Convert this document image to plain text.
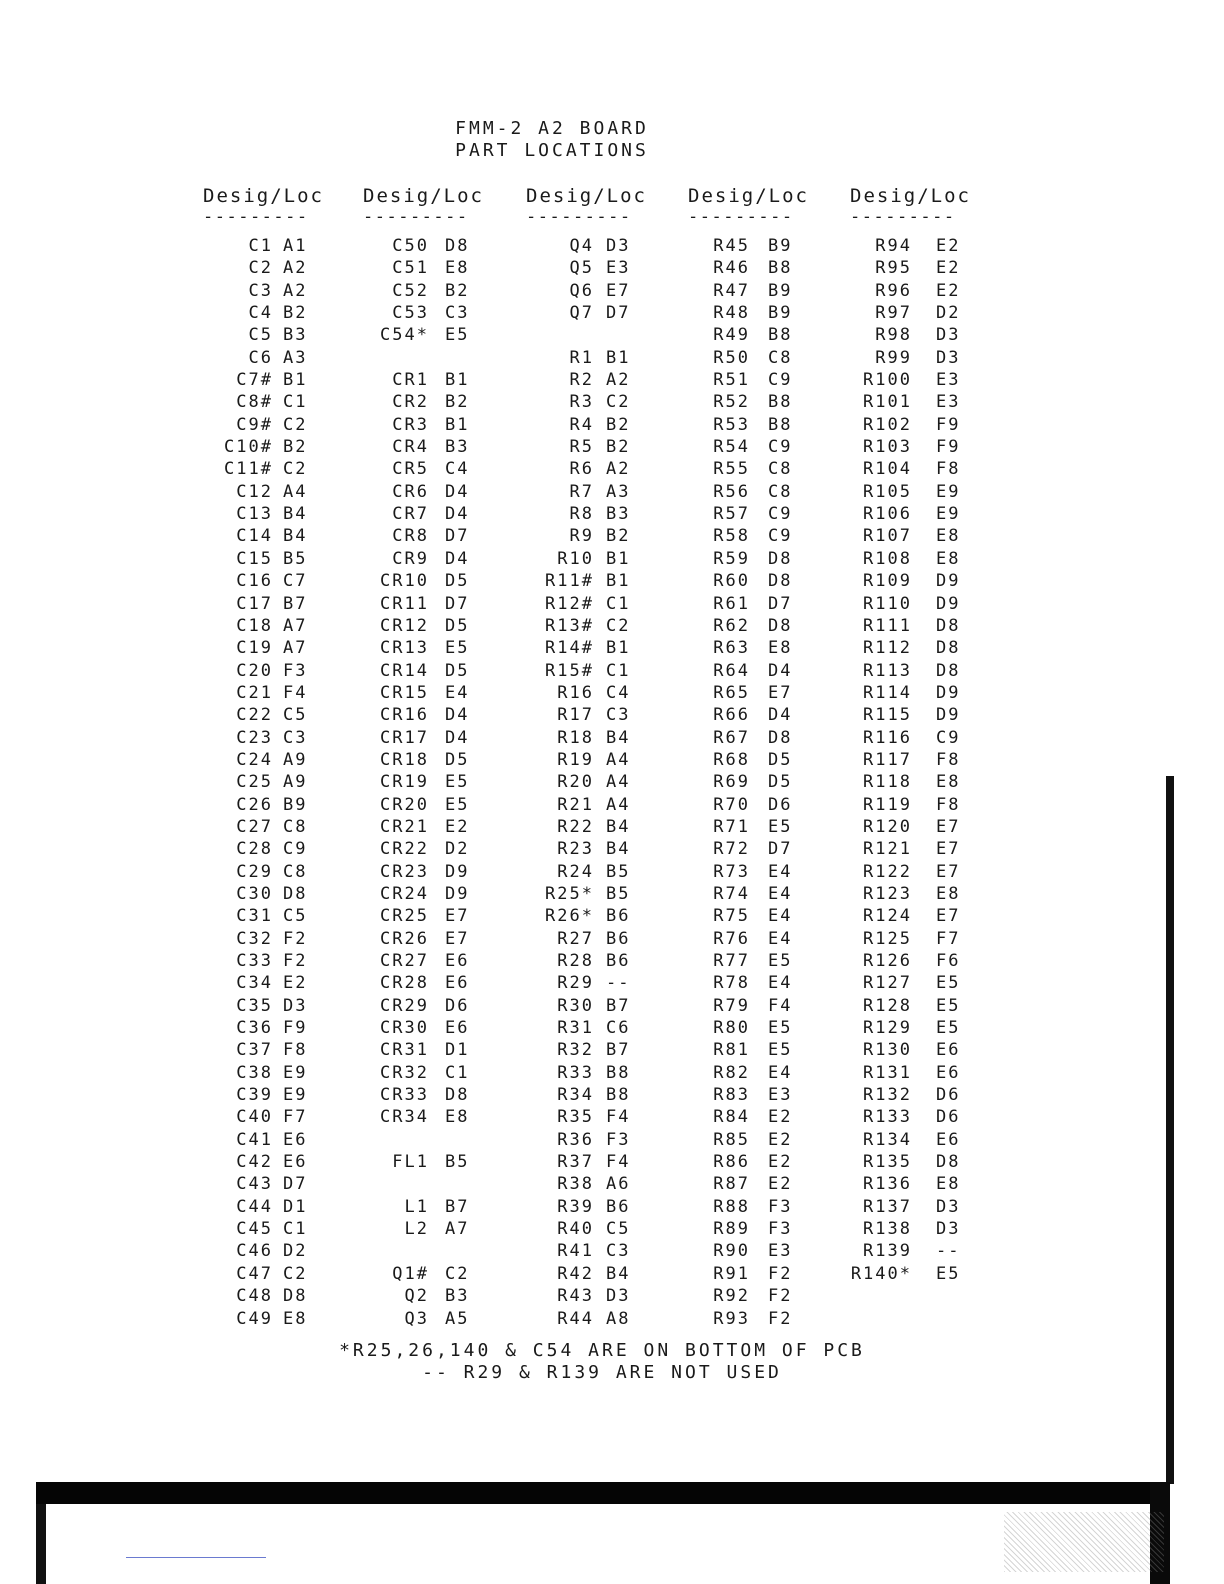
FMM-2 A2 BOARD
PART LOCATIONS
Desig/Loc
---------
C1 A1
C2 A2
C3 A2
C4 B2
C5 B3
C6 A3
C7# B1
C8# C1
C9# C2
C10# B2
C11# C2
C12 A4
C13 B4
C14 B4
C15 B5
C16 C7
C17 B7
C18 A7
C19 A7
C20 F3
C21 F4
C22 C5
C23 C3
C24 A9
C25 A9
C26 B9
C27 C8
C28 C9
C29 C8
C30 D8
C31 C5
C32 F2
C33 F2
C34 E2
C35 D3
C36 F9
C37 F8
C38 E9
C39 E9
C40 F7
C41 E6
C42 E6
C43 D7
C44 D1
C45 C1
C46 D2
C47 C2
C48 D8
C49 E8
Desig/Loc
---------
C50 D8
C51 E8
C52 B2
C53 C3
C54* E5
CR1 B1
CR2 B2
CR3 B1
CR4 B3
CR5 C4
CR6 D4
CR7 D4
CR8 D7
CR9 D4
CR10 D5
CR11 D7
CR12 D5
CR13 E5
CR14 D5
CR15 E4
CR16 D4
CR17 D4
CR18 D5
CR19 E5
CR20 E5
CR21 E2
CR22 D2
CR23 D9
CR24 D9
CR25 E7
CR26 E7
CR27 E6
CR28 E6
CR29 D6
CR30 E6
CR31 D1
CR32 C1
CR33 D8
CR34 E8
FL1 B5
L1 B7
L2 A7
Q1# C2
Q2 B3
Q3 A5
Desig/Loc
---------
Q4 D3
Q5 E3
Q6 E7
Q7 D7
R1 B1
R2 A2
R3 C2
R4 B2
R5 B2
R6 A2
R7 A3
R8 B3
R9 B2
R10 B1
R11# B1
R12# C1
R13# C2
R14# B1
R15# C1
R16 C4
R17 C3
R18 B4
R19 A4
R20 A4
R21 A4
R22 B4
R23 B4
R24 B5
R25* B5
R26* B6
R27 B6
R28 B6
R29 --
R30 B7
R31 C6
R32 B7
R33 B8
R34 B8
R35 F4
R36 F3
R37 F4
R38 A6
R39 B6
R40 C5
R41 C3
R42 B4
R43 D3
R44 A8
Desig/Loc
---------
R45 B9
R46 B8
R47 B9
R48 B9
R49 B8
R50 C8
R51 C9
R52 B8
R53 B8
R54 C9
R55 C8
R56 C8
R57 C9
R58 C9
R59 D8
R60 D8
R61 D7
R62 D8
R63 E8
R64 D4
R65 E7
R66 D4
R67 D8
R68 D5
R69 D5
R70 D6
R71 E5
R72 D7
R73 E4
R74 E4
R75 E4
R76 E4
R77 E5
R78 E4
R79 F4
R80 E5
R81 E5
R82 E4
R83 E3
R84 E2
R85 E2
R86 E2
R87 E2
R88 F3
R89 F3
R90 E3
R91 F2
R92 F2
R93 F2
Desig/Loc
---------
R94 E2
R95 E2
R96 E2
R97 D2
R98 D3
R99 D3
R100 E3
R101 E3
R102 F9
R103 F9
R104 F8
R105 E9
R106 E9
R107 E8
R108 E8
R109 D9
R110 D9
R111 D8
R112 D8
R113 D8
R114 D9
R115 D9
R116 C9
R117 F8
R118 E8
R119 F8
R120 E7
R121 E7
R122 E7
R123 E8
R124 E7
R125 F7
R126 F6
R127 E5
R128 E5
R129 E5
R130 E6
R131 E6
R132 D6
R133 D6
R134 E6
R135 D8
R136 E8
R137 D3
R138 D3
R139 --
R140* E5
*R25,26,140 & C54 ARE ON BOTTOM OF PCB
-- R29 & R139 ARE NOT USED
